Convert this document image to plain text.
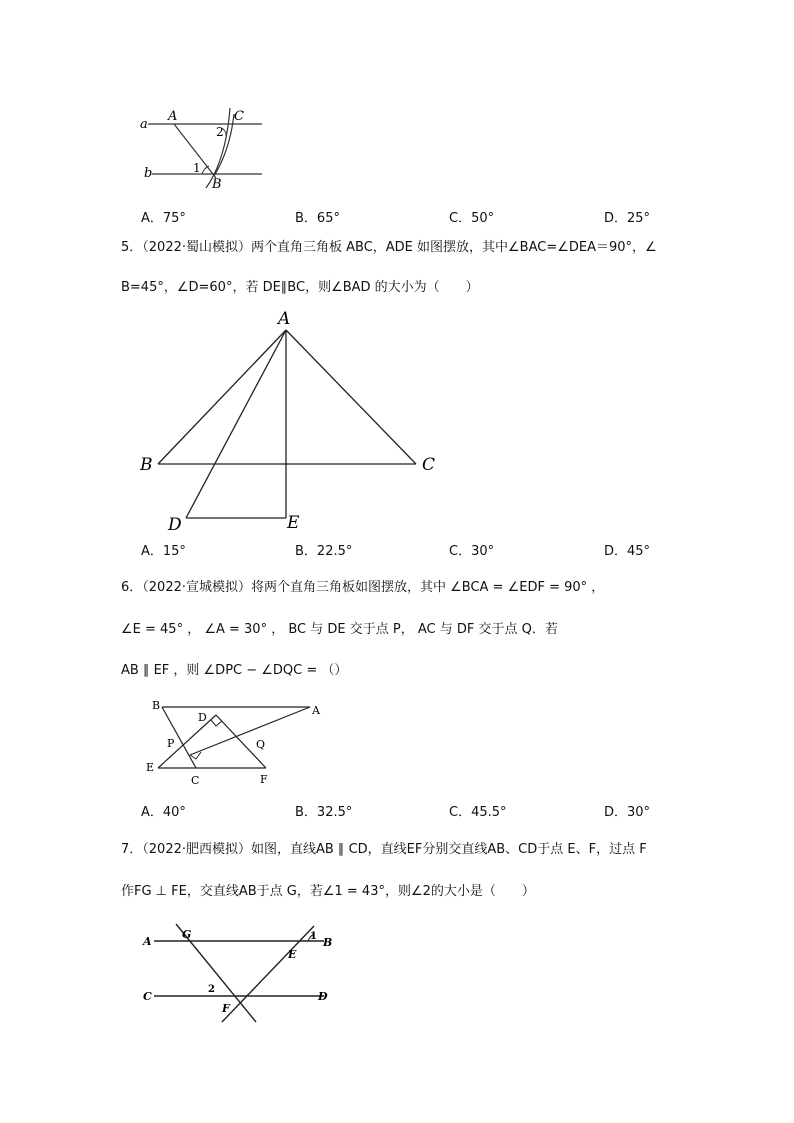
a
b
A	C
B
1
2
A．75°	B．65°	C．50°	D．25°
5．（2022·蜀山模拟）两个直角三角板 ABC，ADE 如图摆放，其中∠BAC=∠DEA＝90°，∠
B=45°，∠D=60°，若 DE∥BC，则∠BAD 的大小为（　　）
A
B	C
D	E
A．15°	B．22.5°	C．30°	D．45°
6．（2022·宣城模拟）将两个直角三角板如图摆放，其中 ∠BCA = ∠EDF = 90° ，
∠E = 45° ， ∠A = 30° ， BC 与 DE 交于点 P， AC 与 DF 交于点 Q．若
AB ∥ EF ，则 ∠DPC − ∠DQC = （）
B	A
D
P	Q
E
C	F
A．40°	B．32.5°	C．45.5°	D．30°
7．（2022·肥西模拟）如图，直线AB ∥ CD，直线EF分别交直线AB、CD于点 E、F，过点 F
作FG ⊥ FE，交直线AB于点 G，若∠1 = 43°，则∠2的大小是（　　）
A	B
C	D
G
E
F
1
2
